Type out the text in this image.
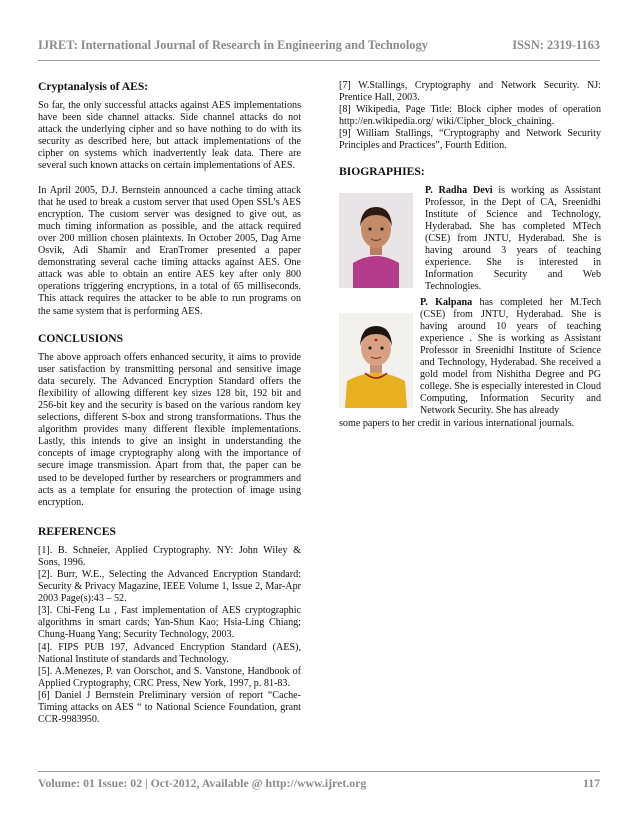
IJRET: International Journal of Research in Engineering and Technology	ISSN: 2319-1163
Cryptanalysis of AES:

So far, the only successful attacks against AES implementations have been side channel attacks. Side channel attacks do not attack the underlying cipher and so have nothing to do with its security as described here, but attack implementations of the cipher on systems which inadvertently leak data. There are several such known attacks on certain implementations of AES.

In April 2005, D.J. Bernstein announced a cache timing attack that he used to break a custom server that used Open SSL’s AES encryption. The custom server was designed to give out, as much timing information as possible, and the attack required over 200 million chosen plaintexts. In October 2005, Dag Arne Osvik, Adi Shamir and EranTromer presented a paper demonstrating several cache timing attacks against AES. One attack was able to obtain an entire AES key after only 800 operations triggering encryptions, in a total of 65 milliseconds. This attack requires the attacker to be able to run programs on the same system that is performing AES.

CONCLUSIONS

The above approach offers enhanced security, it aims to provide user satisfaction by transmitting personal and sensitive image data securely. The Advanced Encryption Standard offers the flexibility of allowing different key sizes 128 bit, 192 bit and 256-bit key and the security is based on the various random key selections, different S-box and strong transformations. Thus the algorithm provides many different flexible implementations. Lastly, this intends to give an insight in understanding the concepts of image cryptography along with the importance of secure image transmission. Apart from that, the paper can be used to be developed further by researchers or programmers and acts as a template for ensuring the protection of image using encryption.

REFERENCES

[1]. B. Schneier, Applied Cryptography. NY: John Wiley & Sons, 1996.

[2]. Burr, W.E., Selecting the Advanced Encryption Standard: Security & Privacy Magazine, IEEE Volume 1, Issue 2, Mar-Apr 2003 Page(s):43 – 52.

[3]. Chi-Feng Lu , Fast implementation of AES cryptographic algorithms in smart cards; Yan-Shun Kao; Hsia-Ling Chiang; Chung-Huang Yang; Security Technology, 2003.

[4]. FIPS PUB 197, Advanced Encryption Standard (AES), National Institute of standards and Technology.

[5]. A.Menezes, P. van Oorschot, and S. Vanstone, Handbook of Applied Cryptography, CRC Press, New York, 1997, p. 81-83.

[6] Daniel J Bernstein Preliminary version of report “Cache-Timing attacks on AES “ to National Science Foundation, grant CCR-9983950.

[7] W.Stallings, Cryptography and Network Security. NJ: Prentice Hall, 2003.

[8] Wikipedia, Page Title: Block cipher modes of operation http://en.wikipedia.org/ wiki/Cipher_block_chaining.

[9] William Stallings, “Cryptography and Network Security Principles and Practices”, Fourth Edition.

BIOGRAPHIES:

P. Radha Devi is working as Assistant Professor, in the Dept of CA, Sreenidhi Institute of Science and Technology, Hyderabad. She has completed MTech (CSE) from JNTU, Hyderabad. She is having around 3 years of teaching experience. She is interested in Information Security and Web Technologies.

P. Kalpana has completed her M.Tech (CSE) from JNTU, Hyderabad. She is having around 10 years of teaching experience . She is working as Assistant Professor in Sreenidhi Institute of Science and Technology, Hyderabad. She received a gold model from Nishitha Degree and PG college. She is especially interested in Cloud Computing, Information Security and Network Security. She has already

some papers to her credit in various international journals.

Volume: 01 Issue: 02 | Oct-2012, Available @ http://www.ijret.org	117
